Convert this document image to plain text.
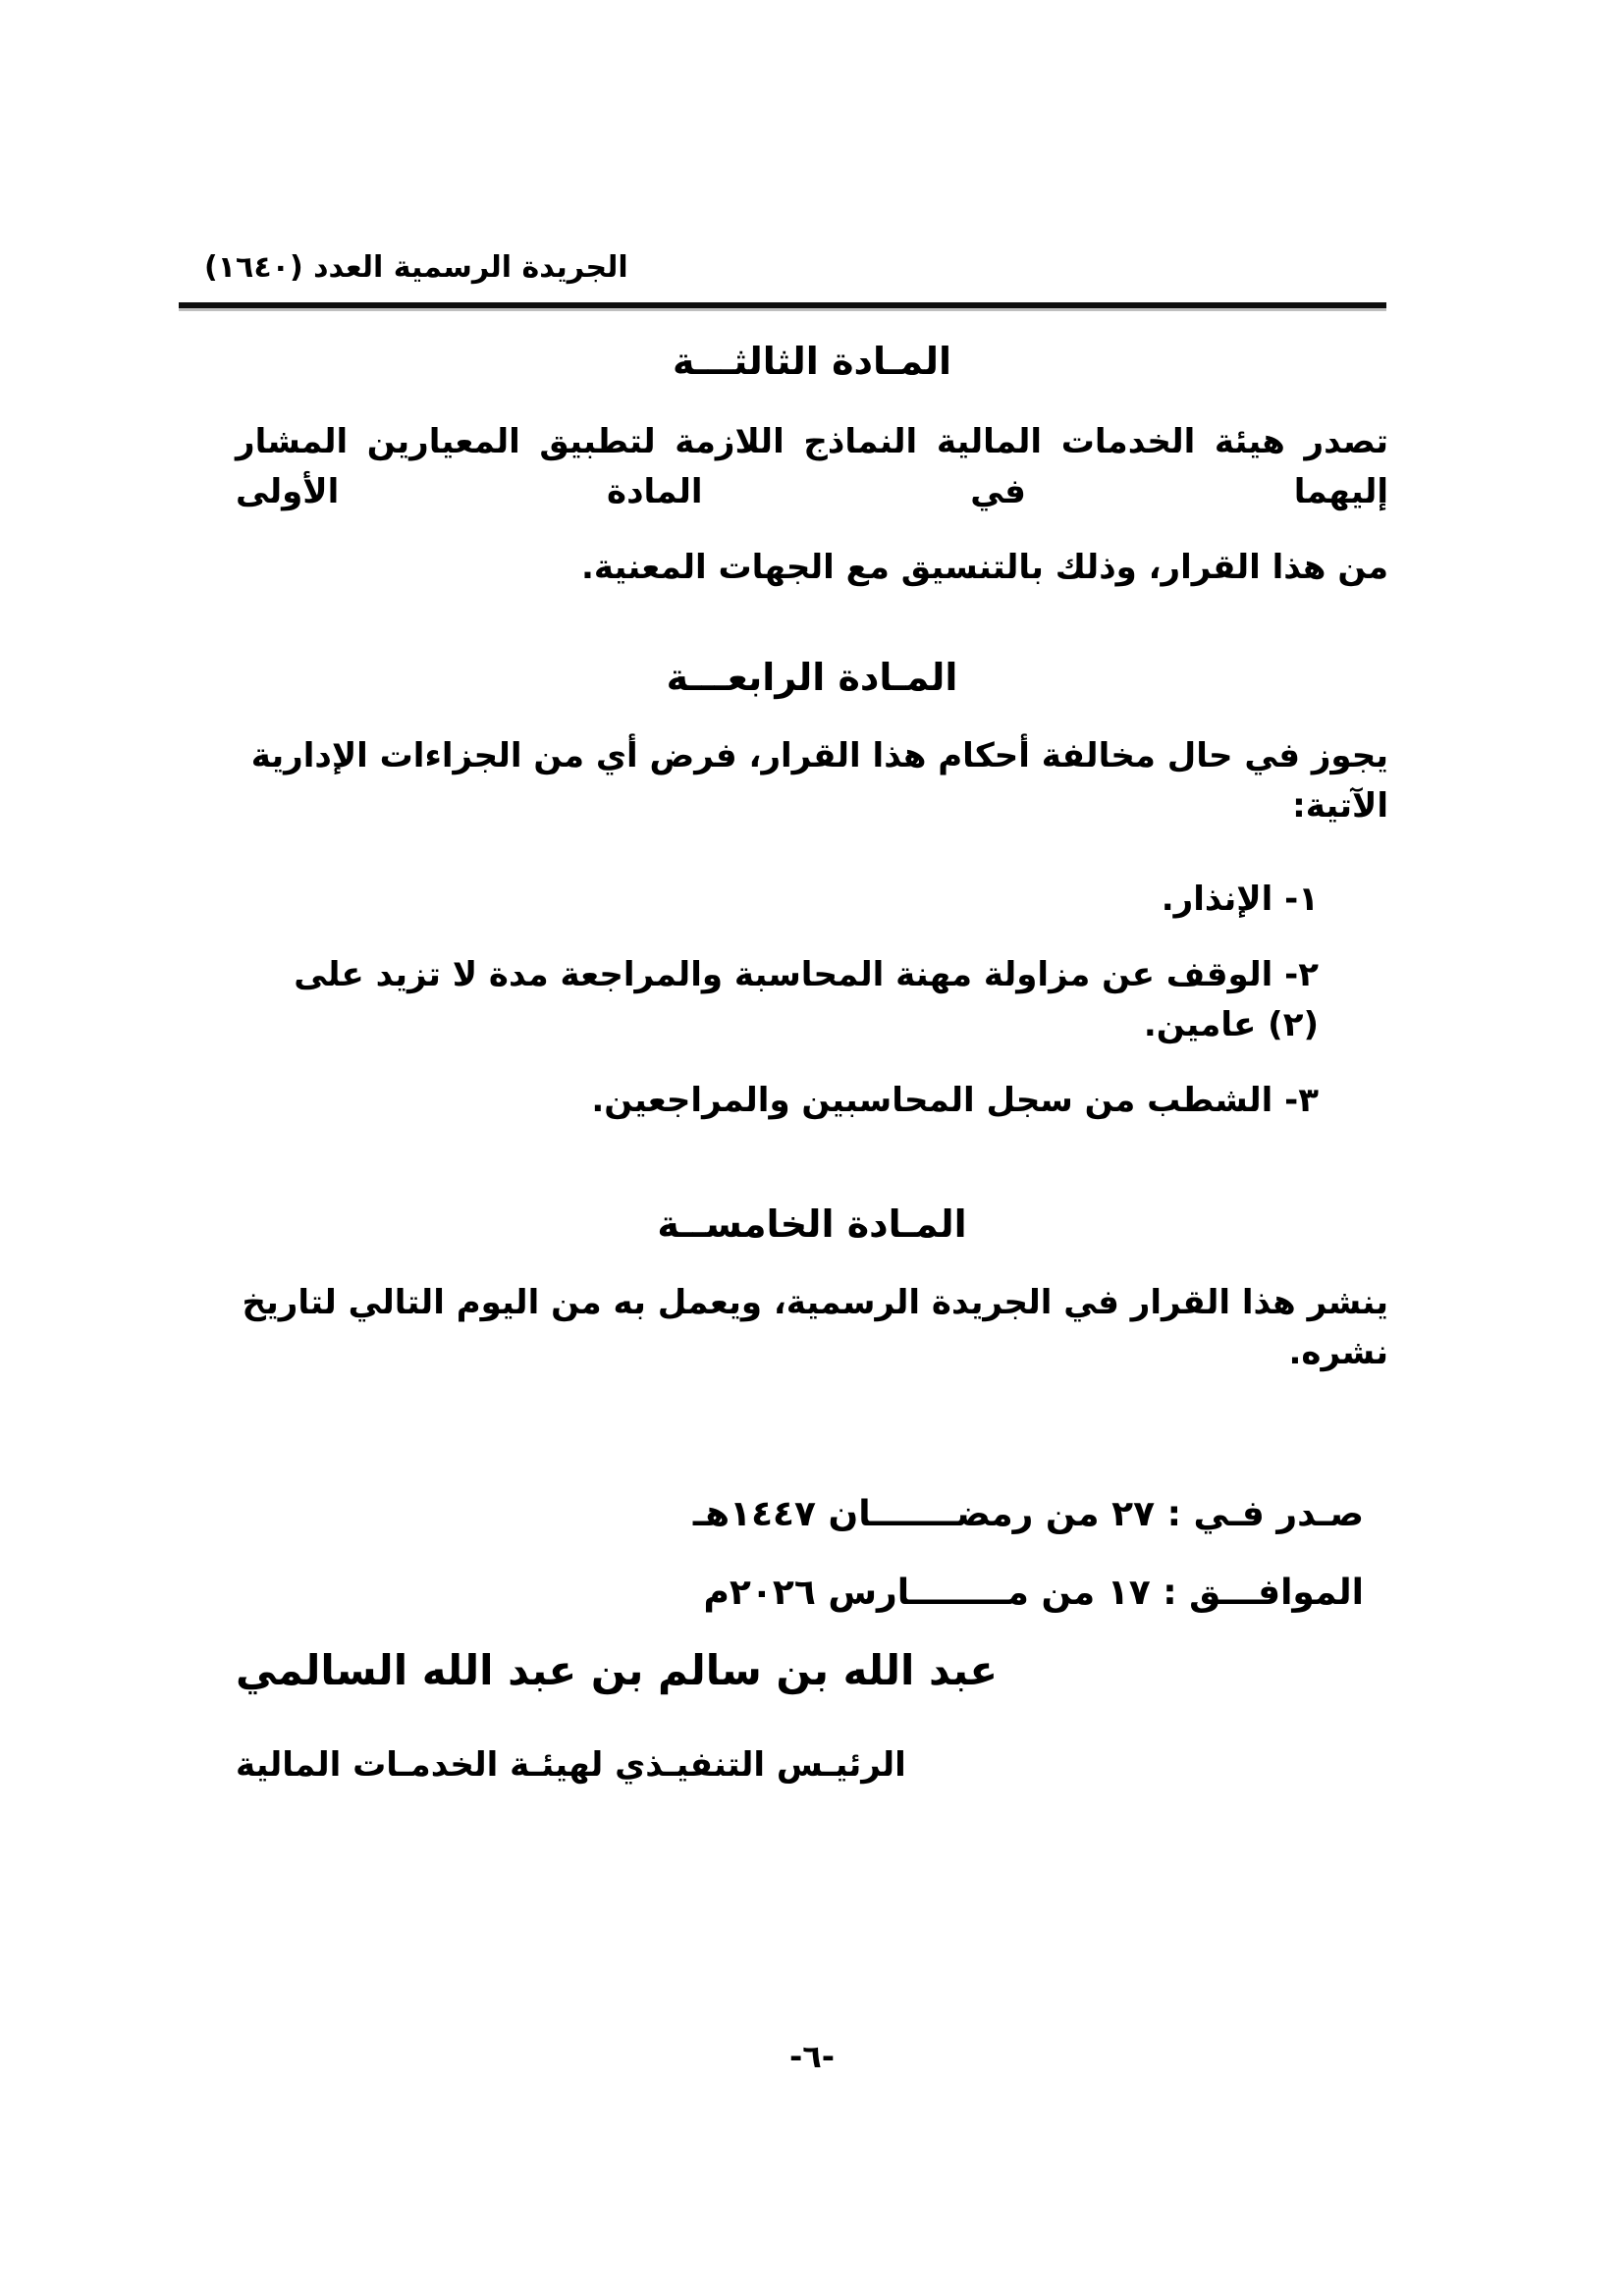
الجريدة الرسمية العدد (١٦٤٠)
المـادة الثالثـــة
تصدر هيئة الخدمات المالية النماذج اللازمة لتطبيق المعيارين المشار إليهما في المادة الأولى
من هذا القرار، وذلك بالتنسيق مع الجهات المعنية.
المـادة الرابعـــة
يجوز في حال مخالفة أحكام هذا القرار، فرض أي من الجزاءات الإدارية الآتية:
١- الإنذار.
٢- الوقف عن مزاولة مهنة المحاسبة والمراجعة مدة لا تزيد على (٢) عامين.
٣- الشطب من سجل المحاسبين والمراجعين.
المـادة الخامســة
ينشر هذا القرار في الجريدة الرسمية، ويعمل به من اليوم التالي لتاريخ نشره.
صـدر فـي : ٢٧ من رمضـــــــان ١٤٤٧هـ
الموافـــق : ١٧ من مــــــــارس ٢٠٢٦م
عبد الله بن سالم بن عبد الله السالمي
الرئيـس التنفيـذي لهيئـة الخدمـات المالية
-٦-
